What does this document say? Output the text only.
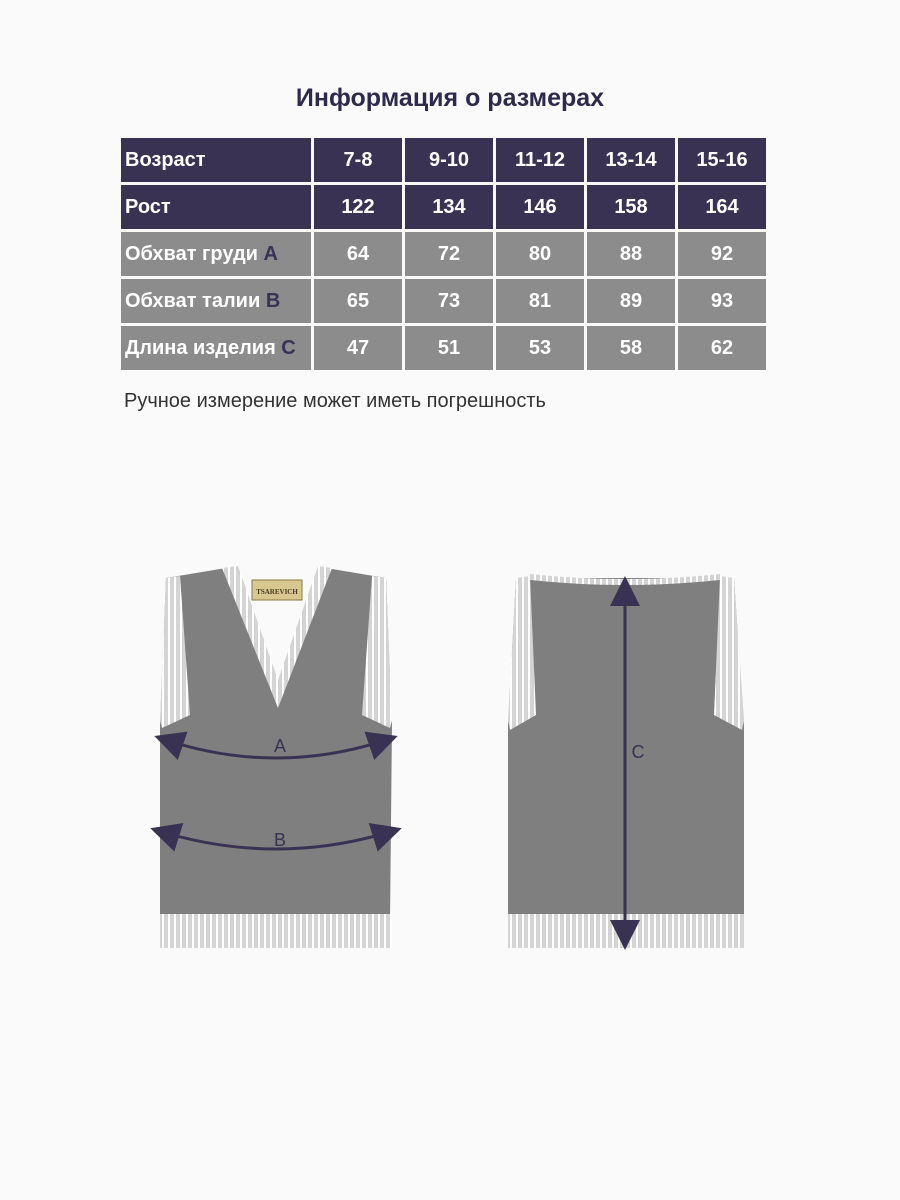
Информация о размерах
Возраст	7-8	9-10	11-12	13-14	15-16
Рост	122	134	146	158	164
Обхват груди A	64	72	80	88	92
Обхват талии B	65	73	81	89	93
Длина изделия C	47	51	53	58	62
Ручное измерение может иметь погрешность
TSAREVICH
A
B
C
